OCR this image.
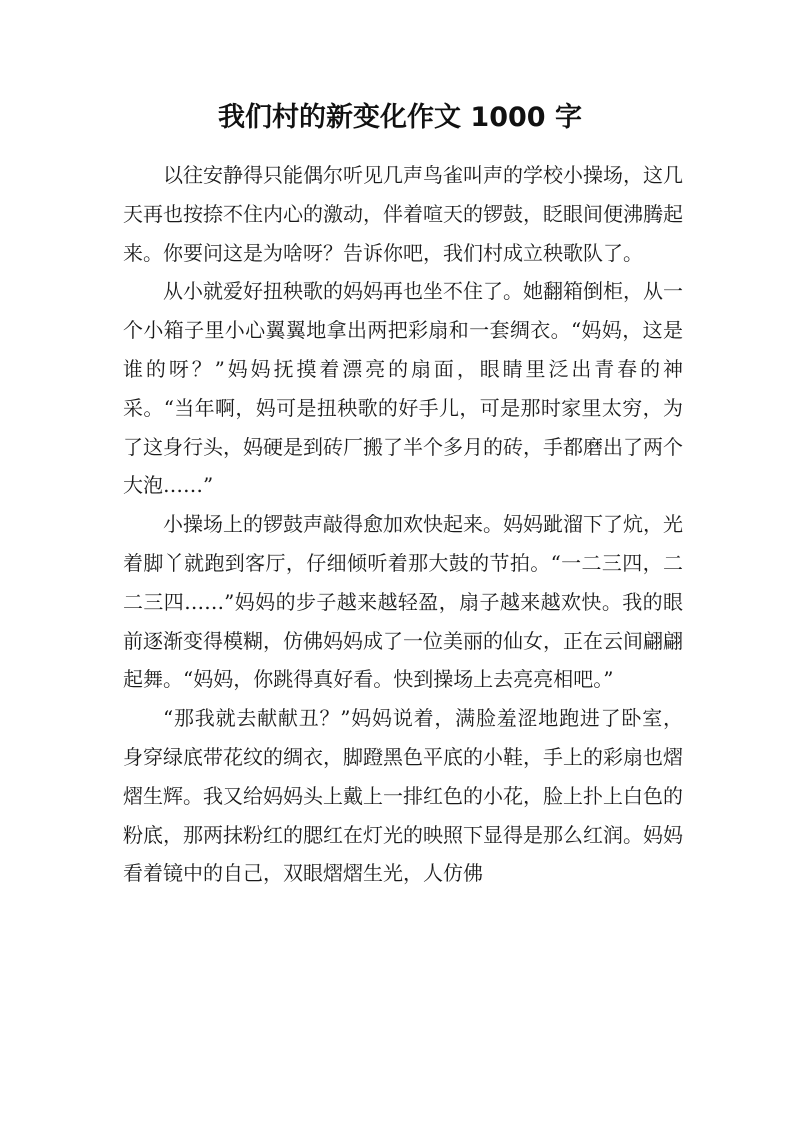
我们村的新变化作文 1000 字

以往安静得只能偶尔听见几声鸟雀叫声的学校小操场，这几天再也按捺不住内心的激动，伴着喧天的锣鼓，眨眼间便沸腾起来。你要问这是为啥呀？告诉你吧，我们村成立秧歌队了。

从小就爱好扭秧歌的妈妈再也坐不住了。她翻箱倒柜，从一个小箱子里小心翼翼地拿出两把彩扇和一套绸衣。“妈妈，这是谁的呀？”妈妈抚摸着漂亮的扇面，眼睛里泛出青春的神采。“当年啊，妈可是扭秧歌的好手儿，可是那时家里太穷，为了这身行头，妈硬是到砖厂搬了半个多月的砖，手都磨出了两个大泡……”

小操场上的锣鼓声敲得愈加欢快起来。妈妈跐溜下了炕，光着脚丫就跑到客厅，仔细倾听着那大鼓的节拍。“一二三四，二二三四……”妈妈的步子越来越轻盈，扇子越来越欢快。我的眼前逐渐变得模糊，仿佛妈妈成了一位美丽的仙女，正在云间翩翩起舞。“妈妈，你跳得真好看。快到操场上去亮亮相吧。”

“那我就去献献丑？”妈妈说着，满脸羞涩地跑进了卧室，身穿绿底带花纹的绸衣，脚蹬黑色平底的小鞋，手上的彩扇也熠熠生辉。我又给妈妈头上戴上一排红色的小花，脸上扑上白色的粉底，那两抹粉红的腮红在灯光的映照下显得是那么红润。妈妈看着镜中的自己，双眼熠熠生光，人仿佛
